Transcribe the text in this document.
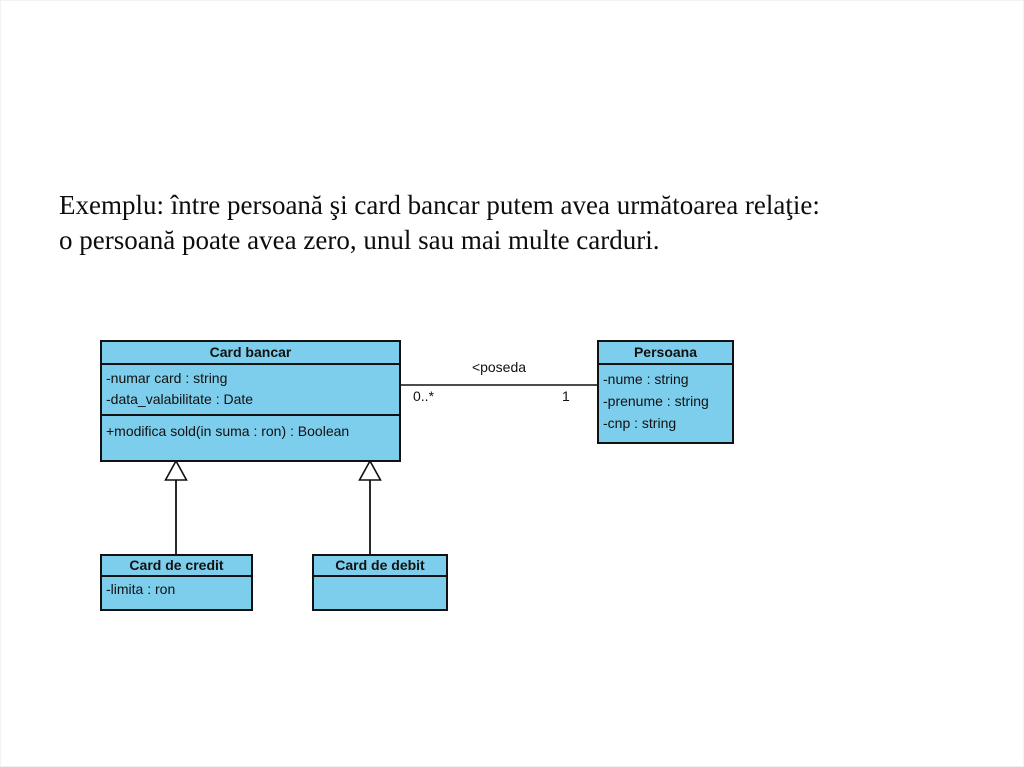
Exemplu: între persoană şi card bancar putem avea următoarea relaţie:
o persoană poate avea zero, unul sau mai multe carduri.
Card bancar
-numar card : string
-data_valabilitate : Date
+modifica sold(in suma : ron) : Boolean
Persoana
-nume : string
-prenume : string
-cnp : string
Card de credit
-limita : ron
Card de debit
<poseda
0..*	1
